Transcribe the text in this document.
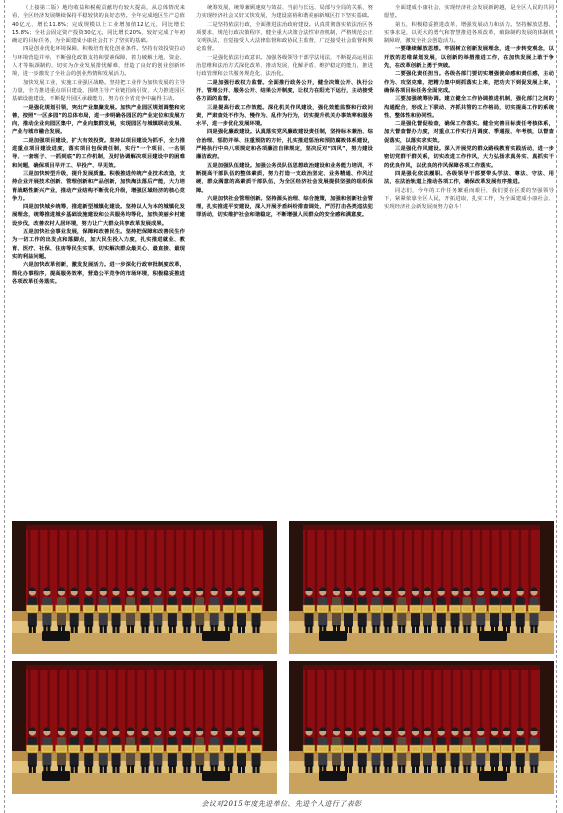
（上接第二版）地均收益和税税贡献均有较大提高，从总体情况来看，全区经济发展继续保持平稳较快的良好态势。全年完成地区生产总值40亿元，增长11.8%；完成规模以上工业增加值12亿元，同比增长15.8%；全社会固定资产投资30亿元，同比增长20%，较好完成了年初确定的目标任务，为全面建成小康社会打下了坚实的基础。

四是创业优化环境保障，积极培育优化创业条件。坚持有效投资拉动与环境营造并举，不断强化政策支持和要素保障，着力破解土地、资金、人才等瓶颈制约，切实为企业发展排忧解难，营造了良好的创业创新环境，进一步激发了全社会的创业热情和发展活力。

加快发展工业，实施工业强区战略。坚持把工业作为加快发展的主导力量，全力推进重点项目建设，围绕主导产业链招商引资，大力推进园区基础设施建设，不断提升园区承载能力，努力在全省竞争中赢得主动。

一是强化规划引领，突出产业集聚发展。加快产业园区规划调整和完善，按照“一区多园”的总体布局，进一步明确各园区的产业定位和发展方向，推动企业向园区集中，产业向集群发展，实现园区与城镇联动发展、产业与城市融合发展。

二是加强项目建设，扩大有效投资。坚持以项目建设为抓手，全力推进重点项目建设进度，落实项目包保责任制，实行“一个项目、一名领导、一套班子、一抓到底”的工作机制，及时协调解决项目建设中的困难和问题，确保项目早开工、早投产、早见效。

三是加快转型升级，提升发展质量。积极推进传统产业技术改造，支持企业开展技术创新、管理创新和产品创新，加快淘汰落后产能，大力培育战略性新兴产业，推动产业结构不断优化升级，增强区域经济的核心竞争力。

四是加快城乡统筹，推进新型城镇化建设。坚持以人为本的城镇化发展理念，统筹推进城乡基础设施建设和公共服务均等化，加快美丽乡村建设步伐，改善农村人居环境，努力让广大群众共享改革发展成果。

五是加快社会事业发展，保障和改善民生。坚持把保障和改善民生作为一切工作的出发点和落脚点，加大民生投入力度，扎实推进就业、教育、医疗、社保、住房等民生实事，切实解决群众最关心、最直接、最现实的利益问题。

六是加快改革创新，激发发展活力。进一步深化行政审批制度改革，简化办事程序，提高服务效率，营造公平竞争的市场环境，积极稳妥推进各项改革任务落实。

统筹发展，统筹兼顾速度与效益、当前与长远、局部与全局的关系，努力实现经济社会又好又快发展，为建设富裕和谐美丽新城区打下坚实基础。

二是坚持依法行政，全面推进法治政府建设。认真贯彻落实依法治区各项要求，规范行政决策程序，健全重大决策合法性审查机制，严格规范公正文明执法，自觉接受人大法律监督和政协民主监督，广泛接受社会监督和舆论监督。

一是强化依法行政意识。加强各级领导干部学法用法，不断提高运用法治思维和法治方式深化改革、推动发展、化解矛盾、维护稳定的能力，推进行政管理和公共服务规范化、法治化。

二是加强行政权力监督。全面推行政务公开，健全决策公开、执行公开、管理公开、服务公开、结果公开制度，让权力在阳光下运行，主动接受各方面的监督。

三是提高行政工作效能。深化机关作风建设，强化效能监察和行政问责，严肃查处不作为、慢作为、乱作为行为，切实提升机关办事效率和服务水平，进一步优化发展环境。

四是强化廉政建设。认真落实党风廉政建设责任制，坚持标本兼治、综合治理、惩防并举、注重预防的方针，扎实推进惩治和预防腐败体系建设，严格执行中央八项规定和各项廉洁自律规定，坚决反对“四风”，努力建设廉洁政府。

五是加强队伍建设。加强公务员队伍思想政治建设和业务能力培训，不断提高干部队伍的整体素质，努力打造一支政治坚定、业务精通、作风过硬、群众满意的高素质干部队伍，为全区经济社会发展提供坚强的组织保障。

六是加快社会管理创新。坚持源头治理、综合施策，加强和创新社会管理，扎实推进平安建设，深入开展矛盾纠纷排查调处，严厉打击各类违法犯罪活动，切实维护社会和谐稳定，不断增强人民群众的安全感和满意度。

全面建成小康社会，实现经济社会发展新跨越，是全区人民的共同愿望。

第五，积极稳妥推进改革，增强发展动力和活力。坚持解放思想、实事求是，以更大的勇气和智慧推进各项改革，破除制约发展的体制机制障碍，激发全社会创造活力。

一要继续解放思想。牢固树立创新发展理念，进一步转变观念，以开放的思维谋划发展，以创新的举措推进工作，在加快发展上敢于争先，在改革创新上勇于突破。

二要强化责任担当。各级各部门要切实增强使命感和责任感，主动作为、攻坚克难，把精力集中到抓落实上来，把功夫下到促发展上来，确保各项目标任务全面完成。

三要加强统筹协调。建立健全工作协调推进机制，强化部门之间的沟通配合，形成上下联动、齐抓共管的工作格局，切实提高工作的系统性、整体性和协同性。

二是强化督促检查，确保工作落实。健全完善目标责任考核体系，加大督查督办力度，对重点工作实行月调度、季通报、年考核，以督查促落实，以落实求实效。

三是强化作风建设。深入开展党的群众路线教育实践活动，进一步密切党群干群关系，切实改进工作作风，大力弘扬求真务实、真抓实干的优良作风，以优良的作风保障各项工作落实。

四是强化依法履职。各级领导干部要带头学法、尊法、守法、用法，在法治轨道上推动各项工作，确保改革发展有序推进。

同志们，今年的工作任务繁重而艰巨，我们要在区委的坚强领导下，紧紧依靠全区人民，开拓进取，扎实工作，为全面建成小康社会、实现经济社会新发展而努力奋斗！

会议对2015年度先进单位、先进个人进行了表彰
